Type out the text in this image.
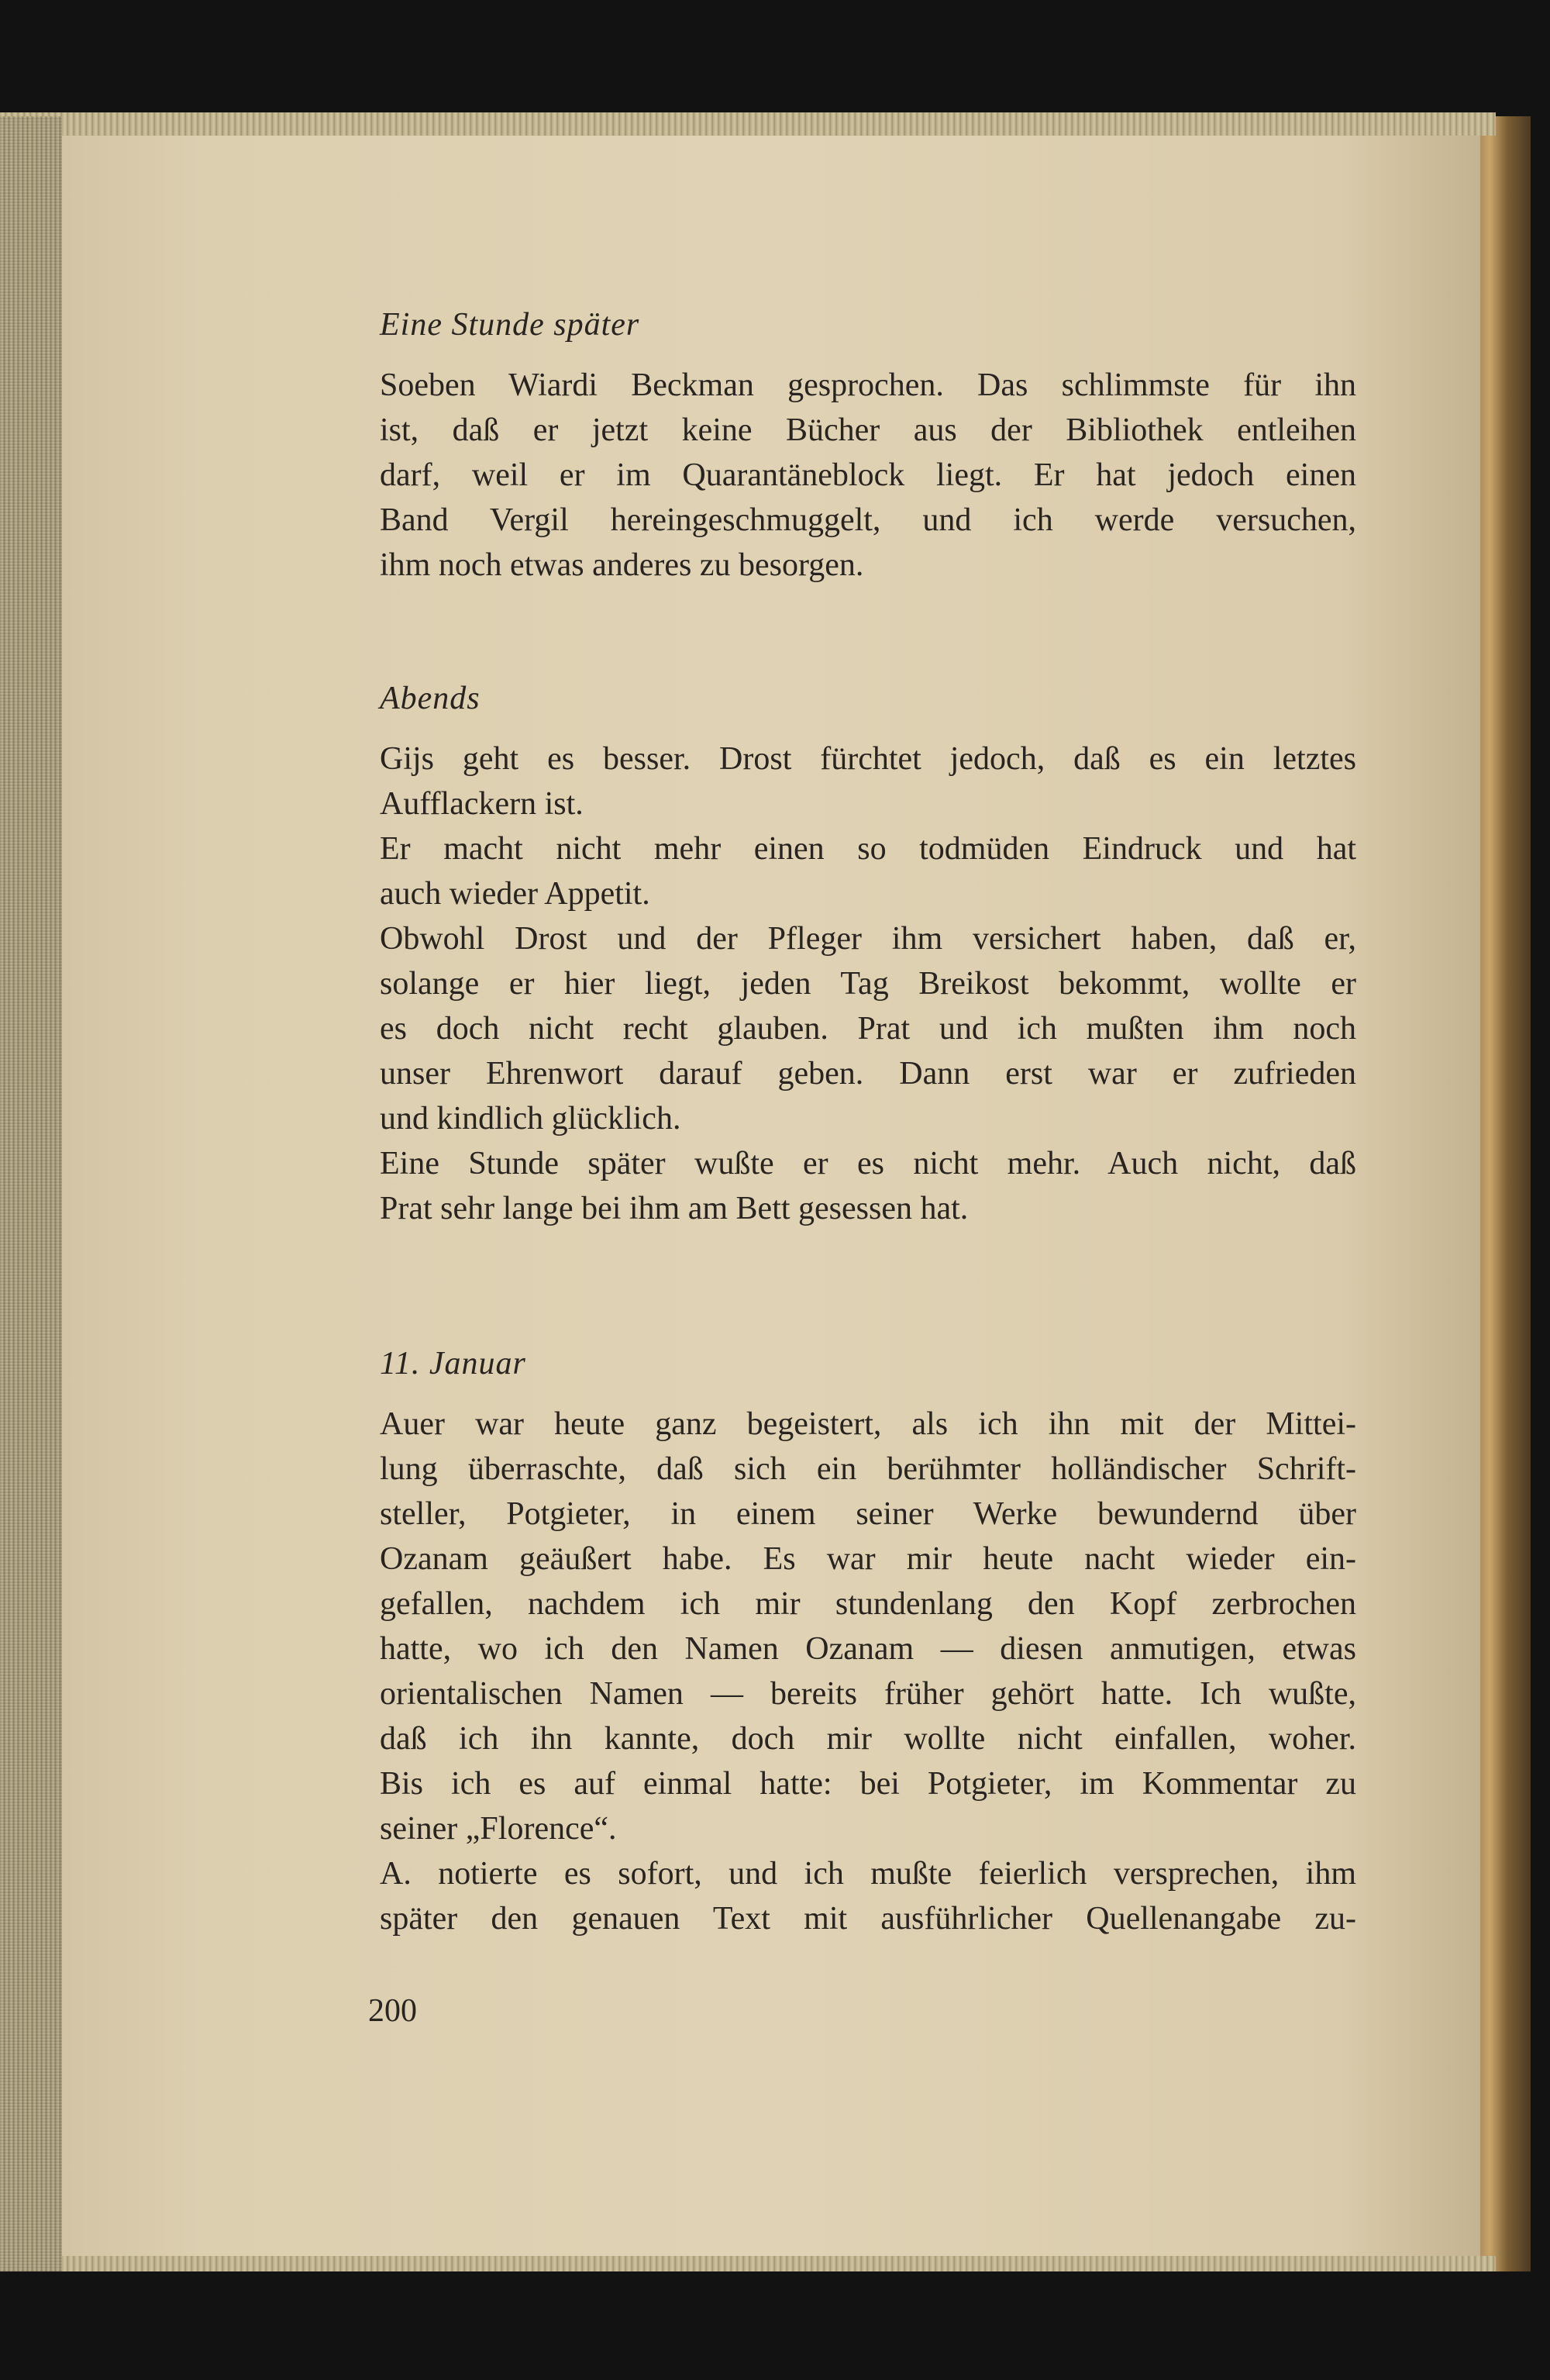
Eine Stunde später

Soeben Wiardi Beckman gesprochen. Das schlimmste für ihn
ist, daß er jetzt keine Bücher aus der Bibliothek entleihen
darf, weil er im Quarantäneblock liegt. Er hat jedoch einen
Band Vergil hereingeschmuggelt, und ich werde versuchen,
ihm noch etwas anderes zu besorgen.

Abends

Gijs geht es besser. Drost fürchtet jedoch, daß es ein letztes
Aufflackern ist.
Er macht nicht mehr einen so todmüden Eindruck und hat
auch wieder Appetit.
Obwohl Drost und der Pfleger ihm versichert haben, daß er,
solange er hier liegt, jeden Tag Breikost bekommt, wollte er
es doch nicht recht glauben. Prat und ich mußten ihm noch
unser Ehrenwort darauf geben. Dann erst war er zufrieden
und kindlich glücklich.
Eine Stunde später wußte er es nicht mehr. Auch nicht, daß
Prat sehr lange bei ihm am Bett gesessen hat.

11. Januar

Auer war heute ganz begeistert, als ich ihn mit der Mittei-
lung überraschte, daß sich ein berühmter holländischer Schrift-
steller, Potgieter, in einem seiner Werke bewundernd über
Ozanam geäußert habe. Es war mir heute nacht wieder ein-
gefallen, nachdem ich mir stundenlang den Kopf zerbrochen
hatte, wo ich den Namen Ozanam — diesen anmutigen, etwas
orientalischen Namen — bereits früher gehört hatte. Ich wußte,
daß ich ihn kannte, doch mir wollte nicht einfallen, woher.
Bis ich es auf einmal hatte: bei Potgieter, im Kommentar zu
seiner „Florence“.
A. notierte es sofort, und ich mußte feierlich versprechen, ihm
später den genauen Text mit ausführlicher Quellenangabe zu-
200
